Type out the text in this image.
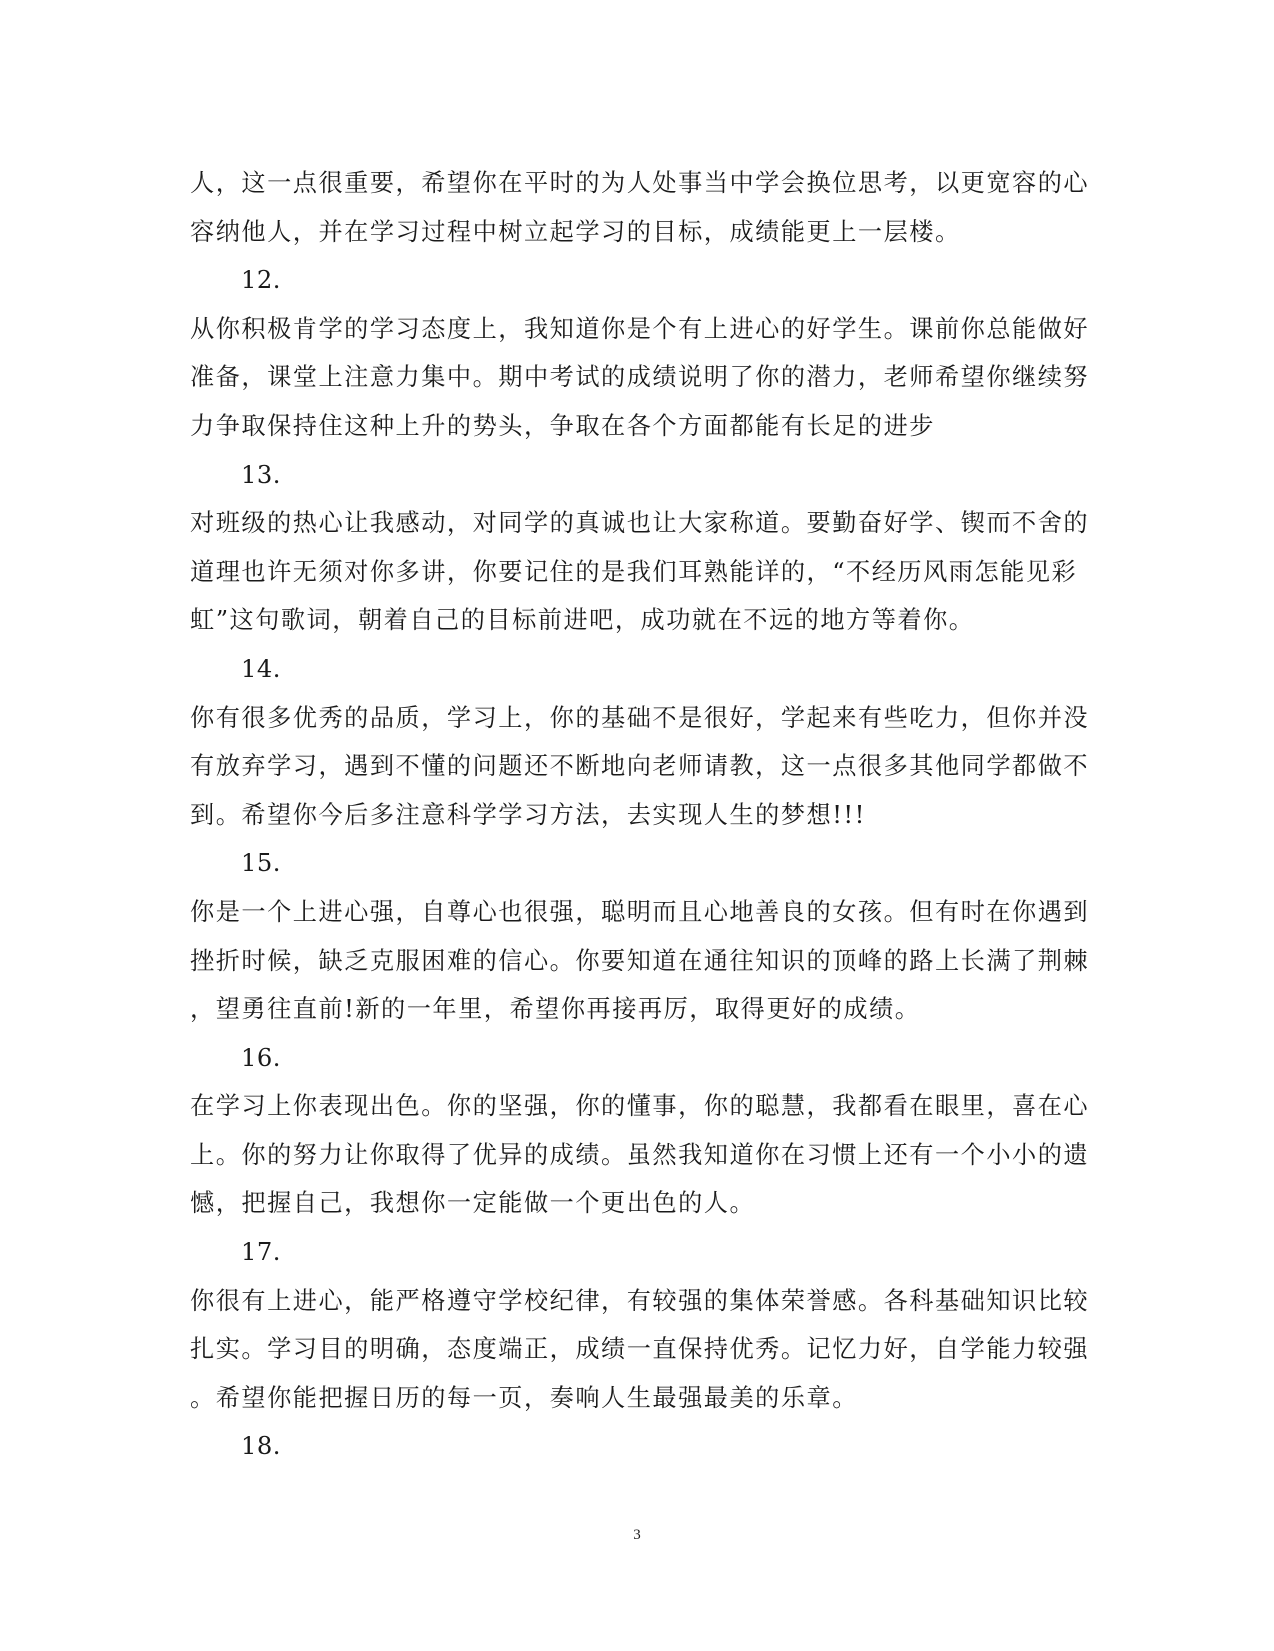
人，这一点很重要，希望你在平时的为人处事当中学会换位思考，以更宽容的心
容纳他人，并在学习过程中树立起学习的目标，成绩能更上一层楼。
12.
从你积极肯学的学习态度上，我知道你是个有上进心的好学生。课前你总能做好
准备，课堂上注意力集中。期中考试的成绩说明了你的潜力，老师希望你继续努
力争取保持住这种上升的势头，争取在各个方面都能有长足的进步
13.
对班级的热心让我感动，对同学的真诚也让大家称道。要勤奋好学、锲而不舍的
道理也许无须对你多讲，你要记住的是我们耳熟能详的，“不经历风雨怎能见彩
虹”这句歌词，朝着自己的目标前进吧，成功就在不远的地方等着你。
14.
你有很多优秀的品质，学习上，你的基础不是很好，学起来有些吃力，但你并没
有放弃学习，遇到不懂的问题还不断地向老师请教，这一点很多其他同学都做不
到。希望你今后多注意科学学习方法，去实现人生的梦想!!!
15.
你是一个上进心强，自尊心也很强，聪明而且心地善良的女孩。但有时在你遇到
挫折时候，缺乏克服困难的信心。你要知道在通往知识的顶峰的路上长满了荆棘
，望勇往直前!新的一年里，希望你再接再厉，取得更好的成绩。
16.
在学习上你表现出色。你的坚强，你的懂事，你的聪慧，我都看在眼里，喜在心
上。你的努力让你取得了优异的成绩。虽然我知道你在习惯上还有一个小小的遗
憾，把握自己，我想你一定能做一个更出色的人。
17.
你很有上进心，能严格遵守学校纪律，有较强的集体荣誉感。各科基础知识比较
扎实。学习目的明确，态度端正，成绩一直保持优秀。记忆力好，自学能力较强
。希望你能把握日历的每一页，奏响人生最强最美的乐章。
18.
3
